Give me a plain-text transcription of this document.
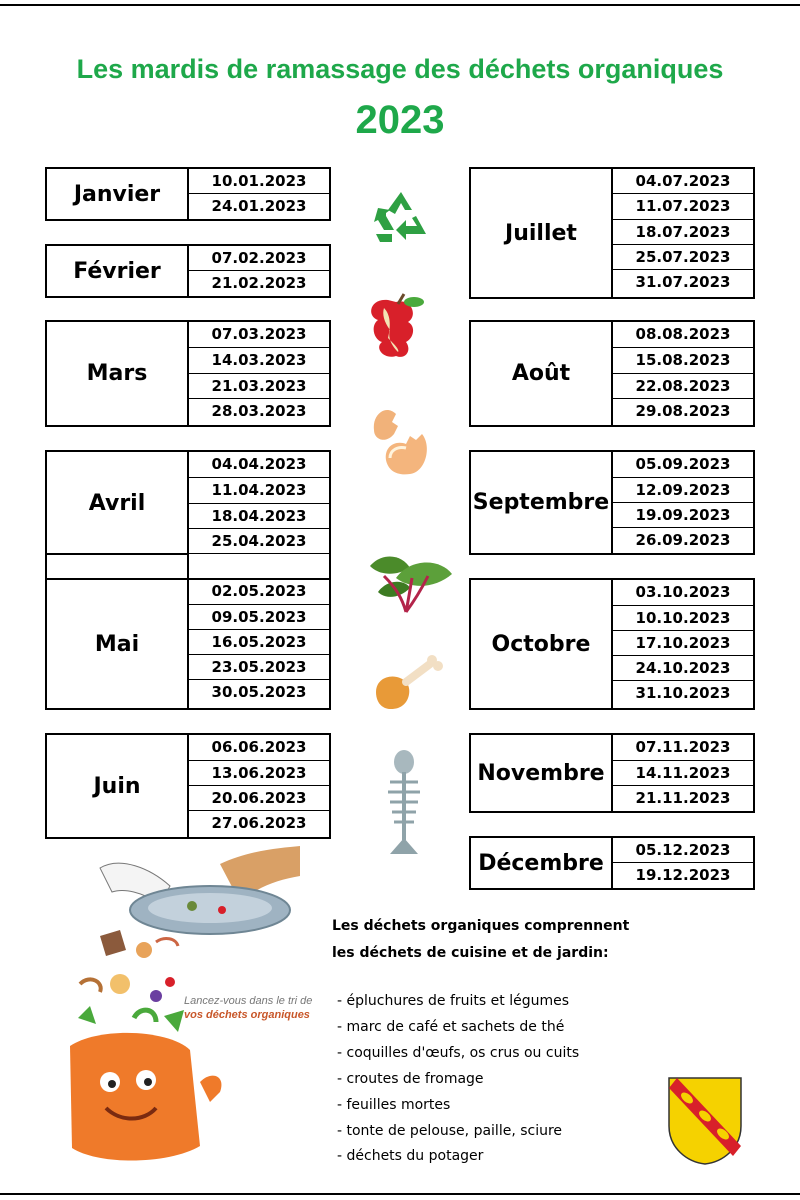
Les mardis de ramassage des déchets organiques
2023
Janvier
10.01.2023
24.01.2023
Février
07.02.2023
21.02.2023
Mars
07.03.2023
14.03.2023
21.03.2023
28.03.2023
Avril
04.04.2023
11.04.2023
18.04.2023
25.04.2023
Mai
02.05.2023
09.05.2023
16.05.2023
23.05.2023
30.05.2023
Juin
06.06.2023
13.06.2023
20.06.2023
27.06.2023
Juillet
04.07.2023
11.07.2023
18.07.2023
25.07.2023
31.07.2023
Août
08.08.2023
15.08.2023
22.08.2023
29.08.2023
Septembre
05.09.2023
12.09.2023
19.09.2023
26.09.2023
Octobre
03.10.2023
10.10.2023
17.10.2023
24.10.2023
31.10.2023
Novembre
07.11.2023
14.11.2023
21.11.2023
Décembre
05.12.2023
19.12.2023
Lancez-vous dans le tri de
vos déchets organiques
Les déchets organiques comprennent
les déchets de cuisine et de jardin:
- épluchures de fruits et légumes
- marc de café et sachets de thé
- coquilles d'œufs, os crus ou cuits
- croutes de fromage
- feuilles mortes
- tonte de pelouse, paille, sciure
- déchets du potager
